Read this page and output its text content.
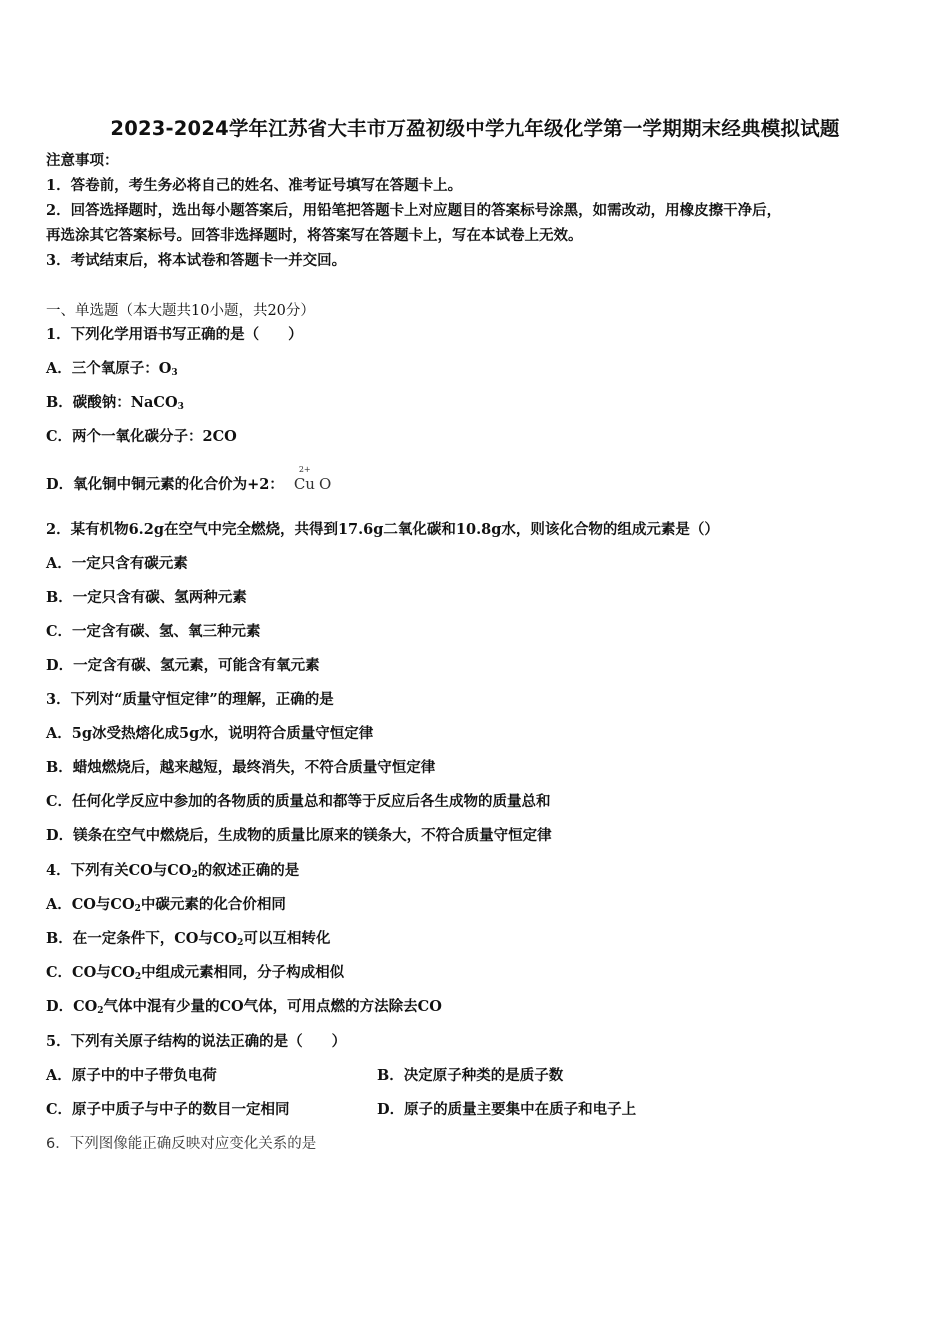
2023-2024学年江苏省大丰市万盈初级中学九年级化学第一学期期末经典模拟试题
注意事项：
1．答卷前，考生务必将自己的姓名、准考证号填写在答题卡上。
2．回答选择题时，选出每小题答案后，用铅笔把答题卡上对应题目的答案标号涂黑，如需改动，用橡皮擦干净后，
再选涂其它答案标号。回答非选择题时，将答案写在答题卡上，写在本试卷上无效。
3．考试结束后，将本试卷和答题卡一并交回。
一、单选题（本大题共10小题，共20分）
1．下列化学用语书写正确的是（　　）
A．三个氧原子：$O_3$
B．碳酸钠：NaCO$_3$
C．两个一氧化碳分子：2CO
D．氧化铜中铜元素的化合价为+2：
2+
Cu O
2．某有机物6.2g在空气中完全燃烧，共得到17.6g二氧化碳和10.8g水，则该化合物的组成元素是（）
A．一定只含有碳元素
B．一定只含有碳、氢两种元素
C．一定含有碳、氢、氧三种元素
D．一定含有碳、氢元素，可能含有氧元素
3．下列对“质量守恒定律”的理解，正确的是
A．5g冰受热熔化成5g水，说明符合质量守恒定律
B．蜡烛燃烧后，越来越短，最终消失，不符合质量守恒定律
C．任何化学反应中参加的各物质的质量总和都等于反应后各生成物的质量总和
D．镁条在空气中燃烧后，生成物的质量比原来的镁条大，不符合质量守恒定律
4．下列有关CO与$CO_2$的叙述正确的是
A．CO与$CO_2$中碳元素的化合价相同
B．在一定条件下，CO与$CO_2$可以互相转化
C．CO与$CO_2$中组成元素相同，分子构成相似
D．$CO_2$气体中混有少量的CO气体，可用点燃的方法除去CO
5．下列有关原子结构的说法正确的是（　　）
A．原子中的中子带负电荷	B．决定原子种类的是质子数
C．原子中质子与中子的数目一定相同	D．原子的质量主要集中在质子和电子上
6．下列图像能正确反映对应变化关系的是
